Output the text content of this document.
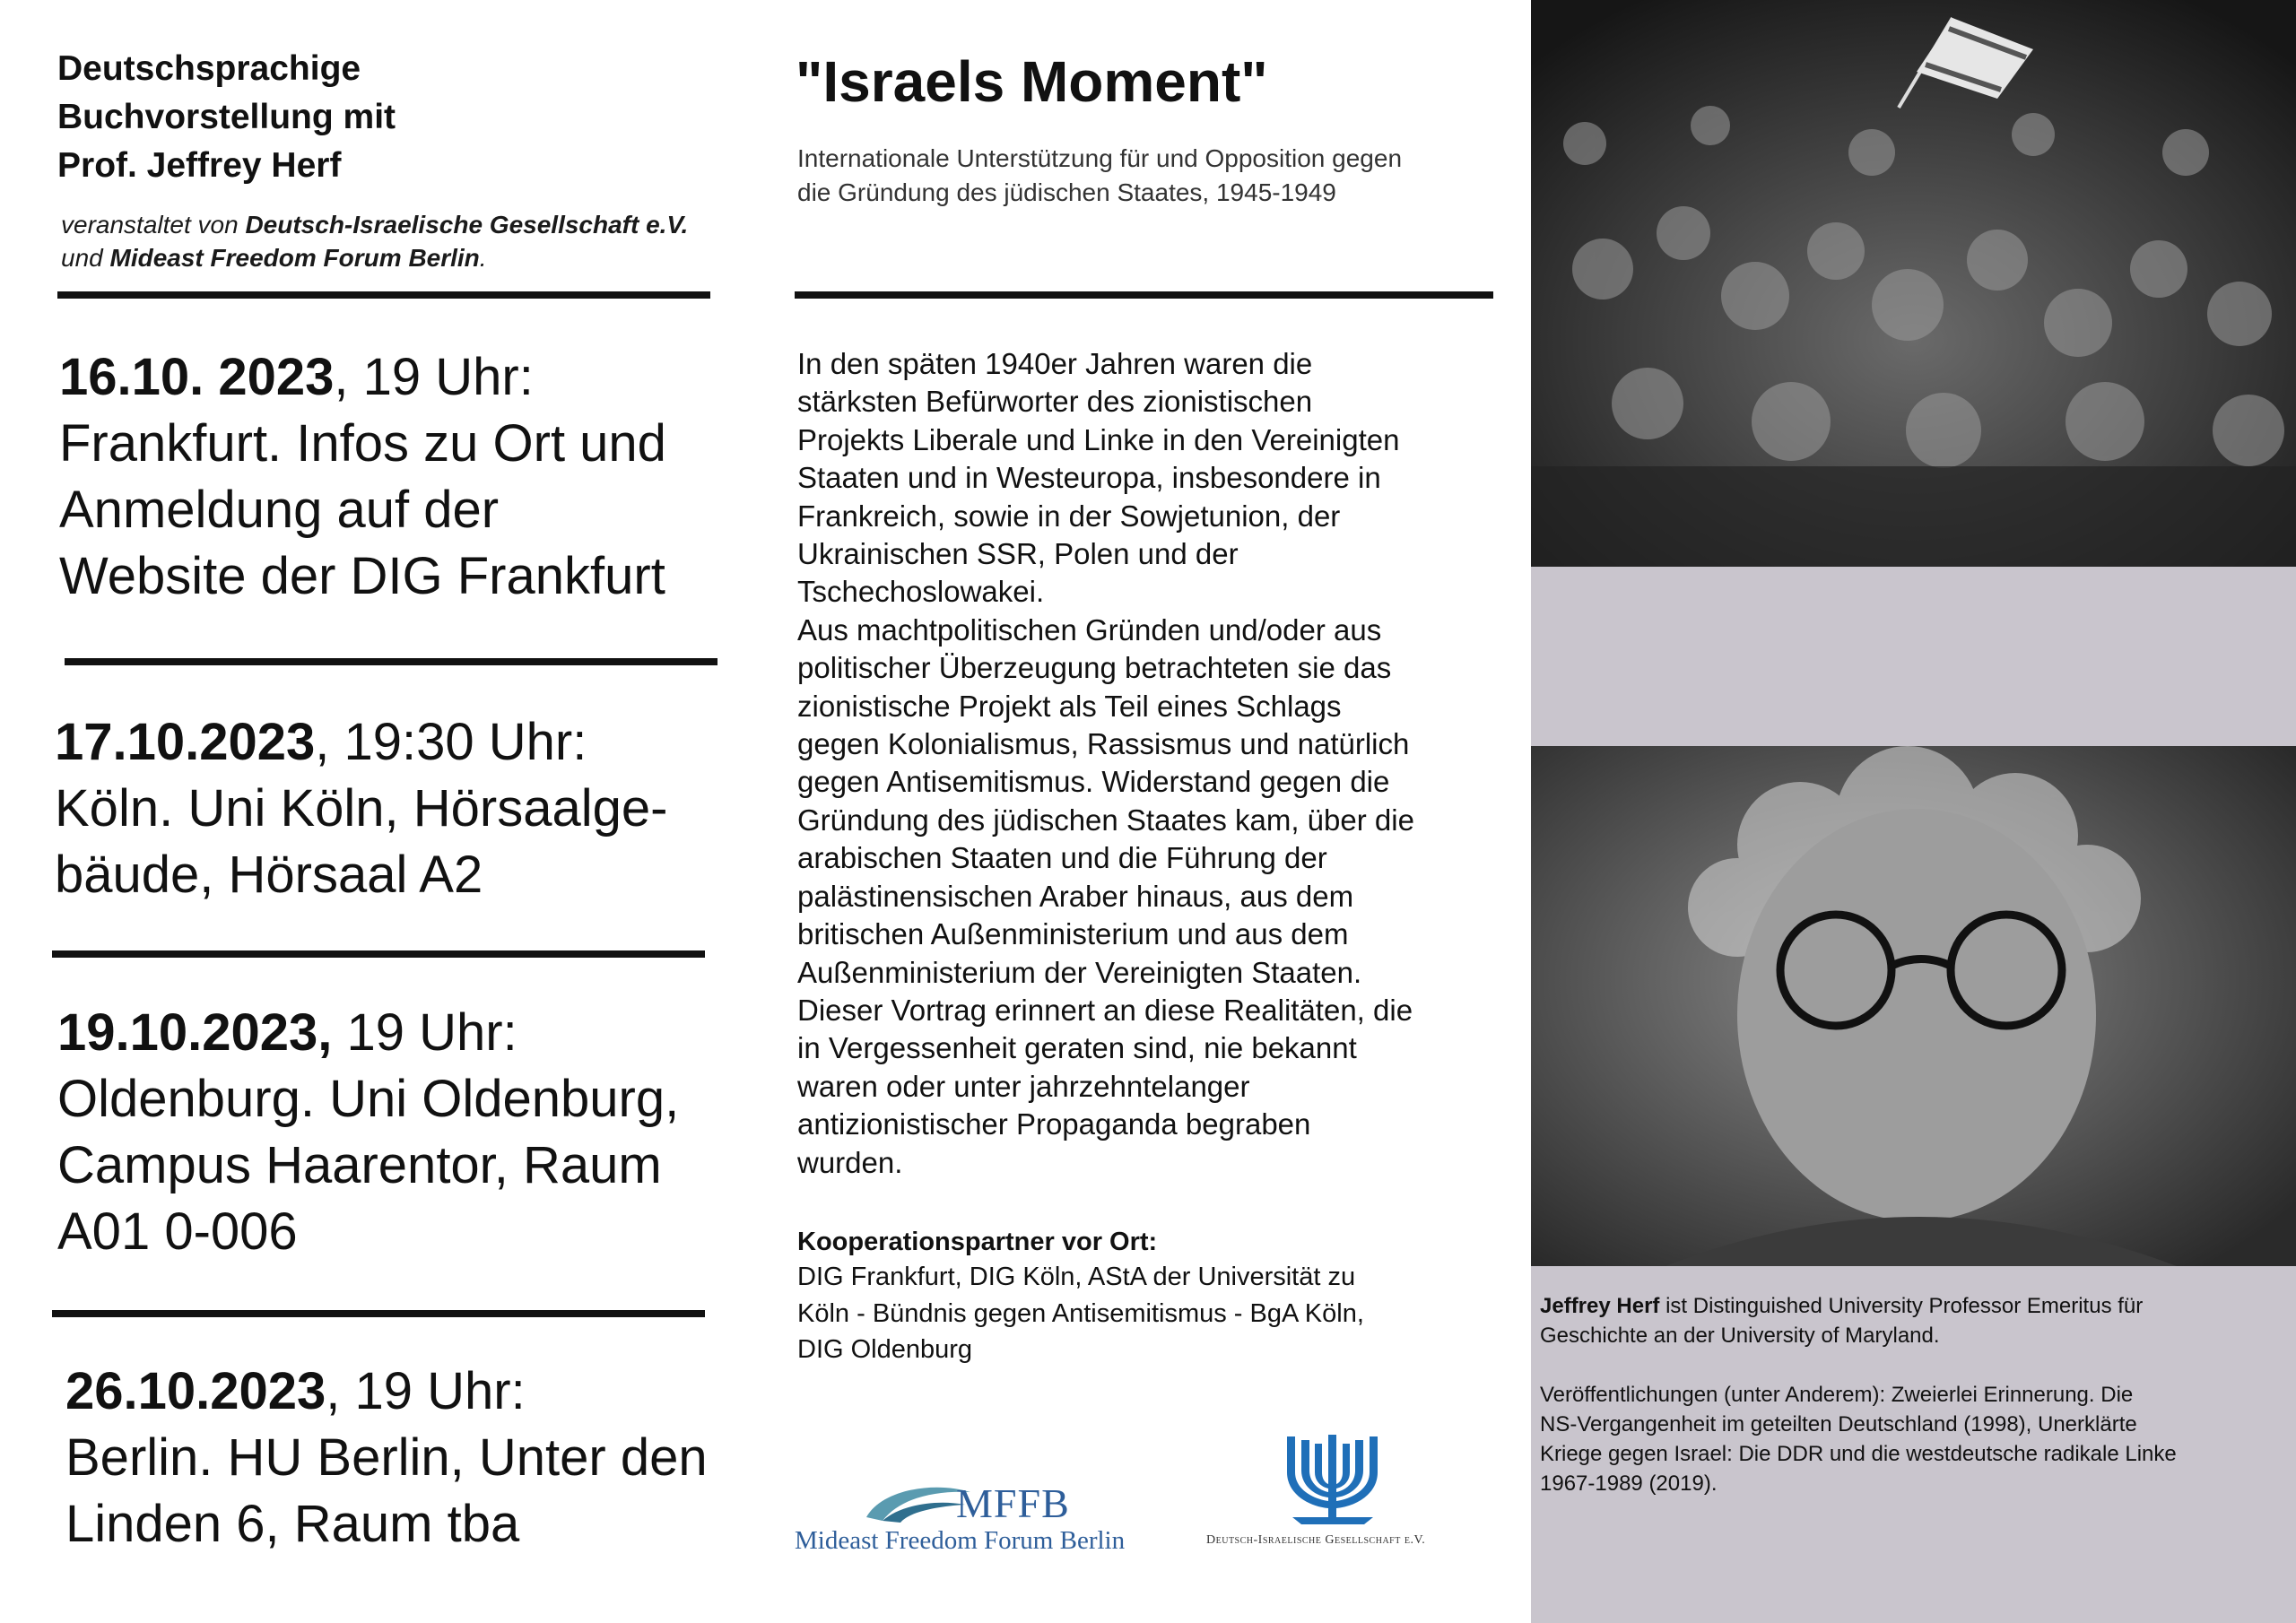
Deutschsprachige
Buchvorstellung mit
Prof. Jeffrey Herf
veranstaltet von Deutsch-Israelische Gesellschaft e.V.
und Mideast Freedom Forum Berlin.
16.10. 2023, 19 Uhr:
Frankfurt. Infos zu Ort und
Anmeldung auf der
Website der DIG Frankfurt
17.10.2023, 19:30 Uhr:
Köln. Uni Köln, Hörsaalge-
bäude, Hörsaal A2
19.10.2023, 19 Uhr:
Oldenburg. Uni Oldenburg,
Campus Haarentor, Raum
A01 0-006
26.10.2023, 19 Uhr:
Berlin. HU Berlin, Unter den
Linden 6, Raum tba
"Israels Moment"
Internationale Unterstützung für und Opposition gegen
die Gründung des jüdischen Staates, 1945-1949
In den späten 1940er Jahren waren die
stärksten Befürworter des zionistischen
Projekts Liberale und Linke in den Vereinigten
Staaten und in Westeuropa, insbesondere in
Frankreich, sowie in der Sowjetunion, der
Ukrainischen SSR, Polen und der
Tschechoslowakei.
Aus machtpolitischen Gründen und/oder aus
politischer Überzeugung betrachteten sie das
zionistische Projekt als Teil eines Schlags
gegen Kolonialismus, Rassismus und natürlich
gegen Antisemitismus. Widerstand gegen die
Gründung des jüdischen Staates kam, über die
arabischen Staaten und die Führung der
palästinensischen Araber hinaus, aus dem
britischen Außenministerium und aus dem
Außenministerium der Vereinigten Staaten.
Dieser Vortrag erinnert an diese Realitäten, die
in Vergessenheit geraten sind, nie bekannt
waren oder unter jahrzehntelanger
antizionistischer Propaganda begraben
wurden.
Kooperationspartner vor Ort:
DIG Frankfurt, DIG Köln, AStA der Universität zu
Köln - Bündnis gegen Antisemitismus - BgA Köln,
DIG Oldenburg
MFFB
Mideast Freedom Forum Berlin	Deutsch-Israelische Gesellschaft e.V.
Jeffrey Herf ist Distinguished University Professor Emeritus für
Geschichte an der University of Maryland.

Veröffentlichungen (unter Anderem): Zweierlei Erinnerung. Die
NS-Vergangenheit im geteilten Deutschland (1998), Unerklärte
Kriege gegen Israel: Die DDR und die westdeutsche radikale Linke
1967-1989 (2019).
